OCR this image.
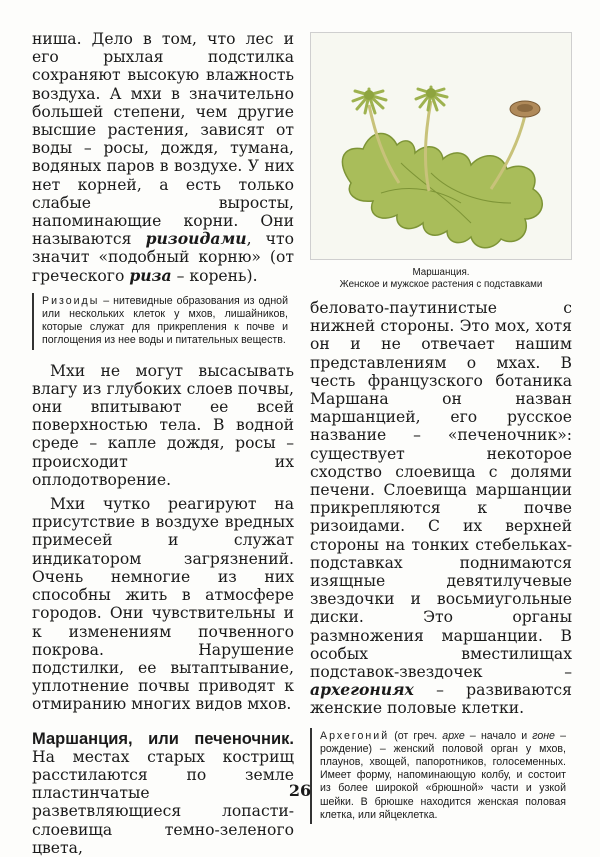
ниша. Дело в том, что лес и его рыхлая подстилка сохраняют высокую влажность воздуха. А мхи в значительно большей степени, чем другие высшие растения, зависят от воды – росы, дождя, тумана, водяных паров в воздухе. У них нет корней, а есть только слабые выросты, напоминающие корни. Они называются ризоидами, что значит «подобный корню» (от греческого риза – корень).

Ризоиды – нитевидные образования из одной или нескольких клеток у мхов, лишайников, которые служат для прикрепления к почве и поглощения из нее воды и питательных веществ.

Мхи не могут высасывать влагу из глубоких слоев почвы, они впитывают ее всей поверхностью тела. В водной среде – капле дождя, росы – происходит их оплодотворение.

Мхи чутко реагируют на присутствие в воздухе вредных примесей и служат индикатором загрязнений. Очень немногие из них способны жить в атмосфере городов. Они чувствительны и к изменениям почвенного покрова. Нарушение подстилки, ее вытаптывание, уплотнение почвы приводят к отмиранию многих видов мхов.

Маршанция, или печеночник. На местах старых кострищ расстилаются по земле пластинчатые разветвляющиеся лопасти-слоевища темно-зеленого цвета,

Маршанция.
Женское и мужское растения с подставками

беловато-паутинистые с нижней стороны. Это мох, хотя он и не отвечает нашим представлениям о мхах. В честь французского ботаника Маршана он назван маршанцией, его русское название – «печеночник»: существует некоторое сходство слоевища с долями печени. Слоевища маршанции прикрепляются к почве ризоидами. С их верхней стороны на тонких стебельках-подставках поднимаются изящные девятилучевые звездочки и восьмиугольные диски. Это органы размножения маршанции. В особых вместилищах подставок-звездочек – архегониях – развиваются женские половые клетки.

Архегоний (от греч. архе – начало и гоне – рождение) – женский половой орган у мхов, плаунов, хвощей, папоротников, голосеменных. Имеет форму, напоминающую колбу, и состоит из более широкой «брюшной» части и узкой шейки. В брюшке находится женская половая клетка, или яйцеклетка.
26
